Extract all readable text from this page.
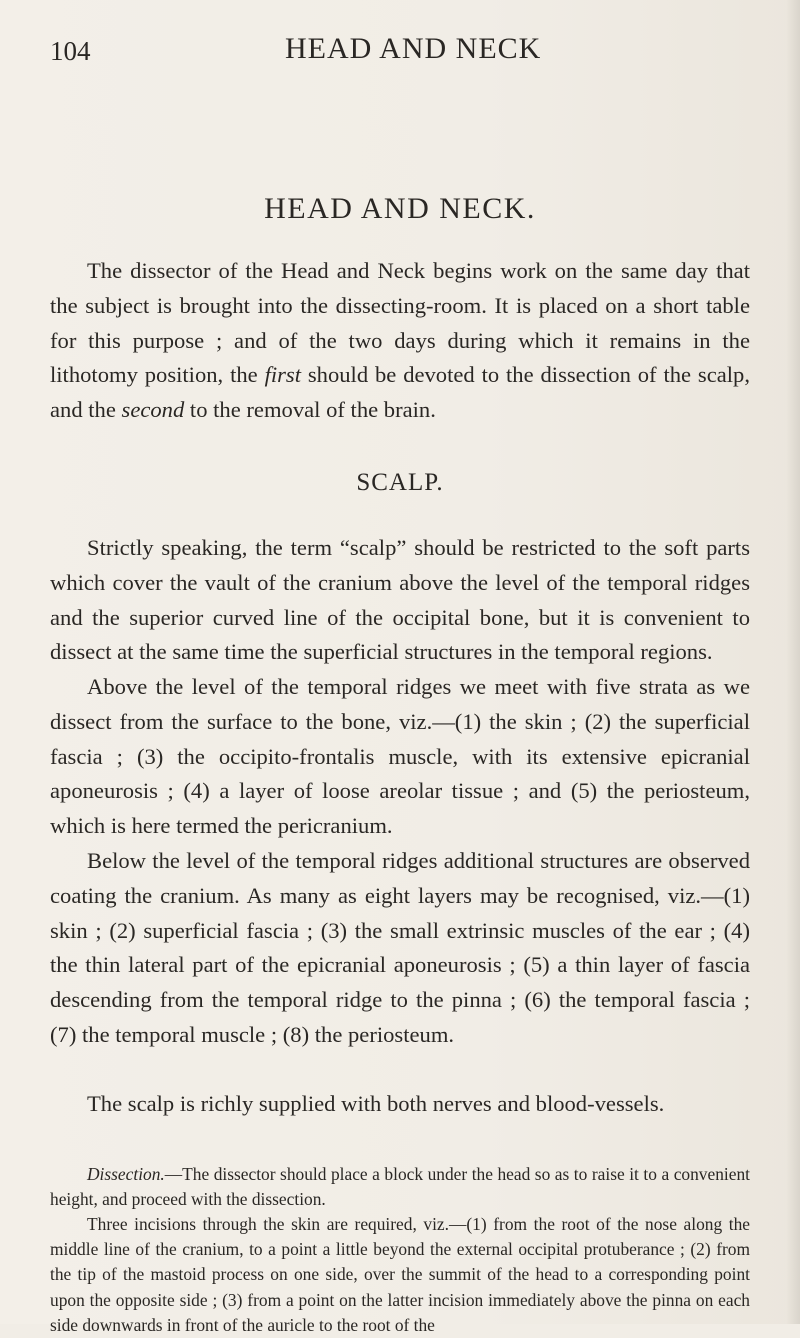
104	HEAD AND NECK
HEAD AND NECK.

The dissector of the Head and Neck begins work on the same day that the subject is brought into the dissecting-room. It is placed on a short table for this purpose ; and of the two days during which it remains in the lithotomy position, the first should be devoted to the dissection of the scalp, and the second to the removal of the brain.

SCALP.

Strictly speaking, the term “scalp” should be restricted to the soft parts which cover the vault of the cranium above the level of the temporal ridges and the superior curved line of the occipital bone, but it is convenient to dissect at the same time the superficial structures in the temporal regions.

Above the level of the temporal ridges we meet with five strata as we dissect from the surface to the bone, viz.—(1) the skin ; (2) the superficial fascia ; (3) the occipito-frontalis muscle, with its extensive epicranial aponeurosis ; (4) a layer of loose areolar tissue ; and (5) the periosteum, which is here termed the pericranium.

Below the level of the temporal ridges additional structures are observed coating the cranium. As many as eight layers may be recognised, viz.—(1) skin ; (2) superficial fascia ; (3) the small extrinsic muscles of the ear ; (4) the thin lateral part of the epicranial aponeurosis ; (5) a thin layer of fascia descending from the temporal ridge to the pinna ; (6) the temporal fascia ; (7) the temporal muscle ; (8) the periosteum.

The scalp is richly supplied with both nerves and blood-vessels.

Dissection.—The dissector should place a block under the head so as to raise it to a convenient height, and proceed with the dissection.

Three incisions through the skin are required, viz.—(1) from the root of the nose along the middle line of the cranium, to a point a little beyond the external occipital protuberance ; (2) from the tip of the mastoid process on one side, over the summit of the head to a corresponding point upon the opposite side ; (3) from a point on the latter incision immediately above the pinna on each side downwards in front of the auricle to the root of the
